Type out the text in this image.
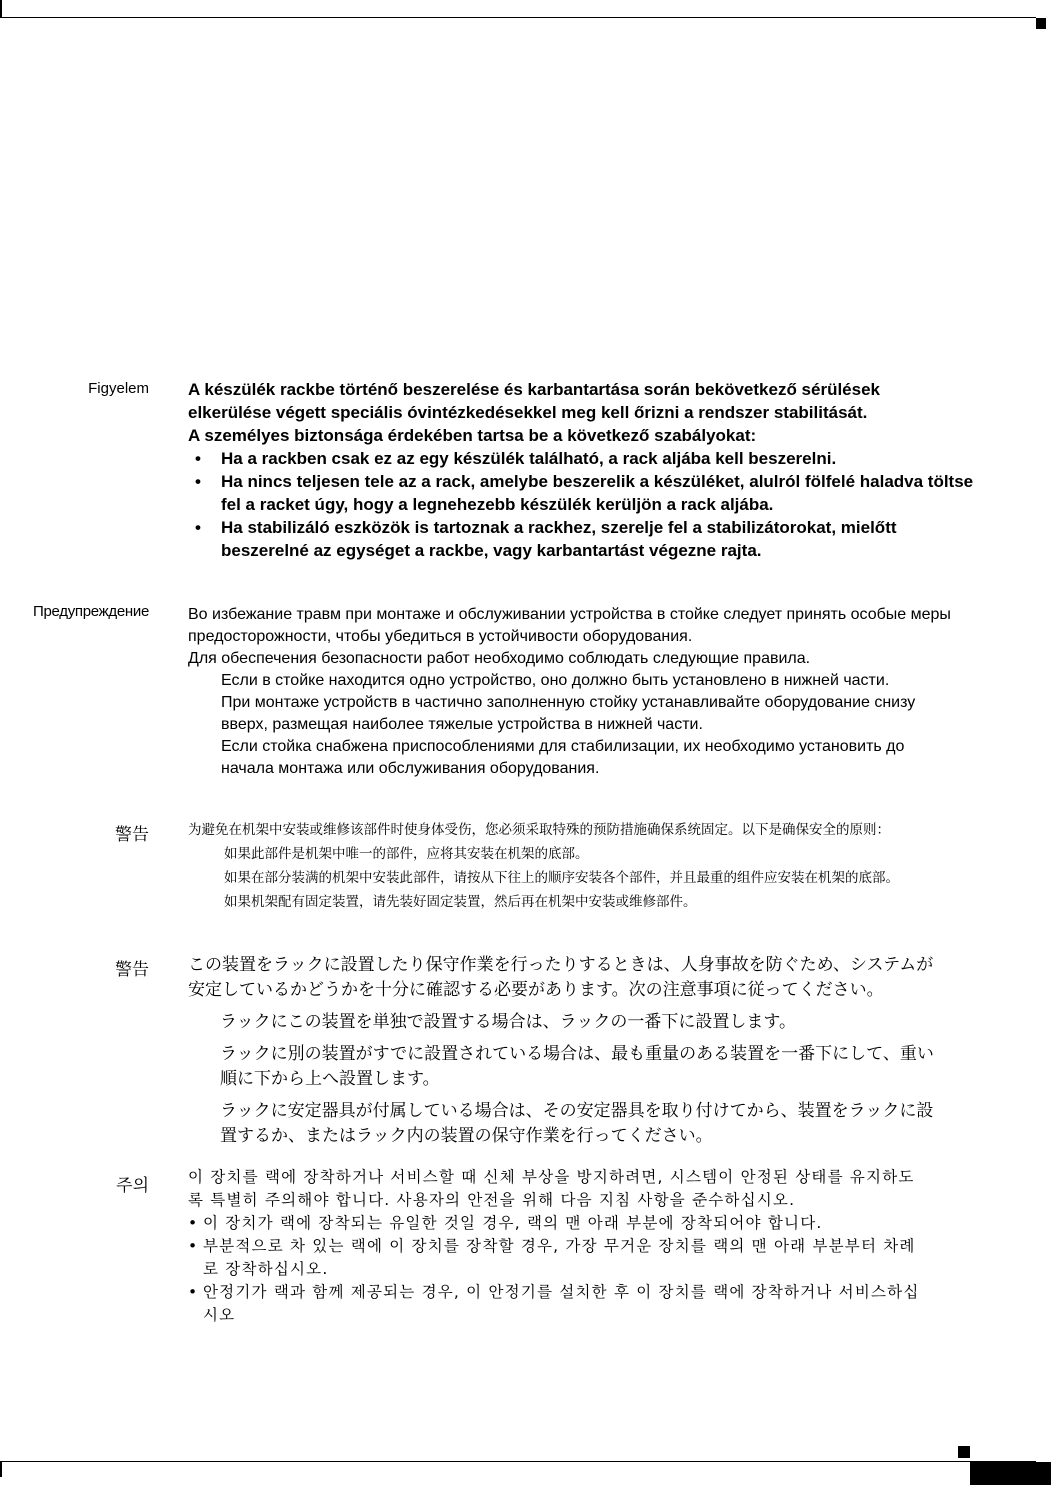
Figyelem A készülék rackbe történő beszerelése és karbantartása során bekövetkező sérülések

elkerülése végett speciális óvintézkedésekkel meg kell őrizni a rendszer stabilitását.

A személyes biztonsága érdekében tartsa be a következő szabályokat:

• Ha a rackben csak ez az egy készülék található, a rack aljába kell beszerelni.
• Ha nincs teljesen tele az a rack, amelybe beszerelik a készüléket, alulról fölfelé haladva töltse fel a racket úgy, hogy a legnehezebb készülék kerüljön a rack aljába.
• Ha stabilizáló eszközök is tartoznak a rackhez, szerelje fel a stabilizátorokat, mielőtt beszerelné az egységet a rackbe, vagy karbantartást végezne rajta.
Предупреждение Во избежание травм при монтаже и обслуживании устройства в стойке следует принять особые меры

предосторожности, чтобы убедиться в устойчивости оборудования.

Для обеспечения безопасности работ необходимо соблюдать следующие правила.

Если в стойке находится одно устройство, оно должно быть установлено в нижней части.

При монтаже устройств в частично заполненную стойку устанавливайте оборудование снизу

вверх, размещая наиболее тяжелые устройства в нижней части.

Если стойка снабжена приспособлениями для стабилизации, их необходимо установить до

начала монтажа или обслуживания оборудования.

警告	为避免在机架中安装或维修该部件时使身体受伤，您必须采取特殊的预防措施确保系统固定。以下是确保安全的原则：

如果此部件是机架中唯一的部件，应将其安装在机架的底部。

如果在部分装满的机架中安装此部件，请按从下往上的顺序安装各个部件，并且最重的组件应安装在机架的底部。

如果机架配有固定装置，请先装好固定装置，然后再在机架中安装或维修部件。

警告 この装置をラックに設置したり保守作業を行ったりするときは、人身事故を防ぐため、システムが

安定しているかどうかを十分に確認する必要があります。次の注意事項に従ってください。

ラックにこの装置を単独で設置する場合は、ラックの一番下に設置します。

ラックに別の装置がすでに設置されている場合は、最も重量のある装置を一番下にして、重い

順に下から上へ設置します。

ラックに安定器具が付属している場合は、その安定器具を取り付けてから、装置をラックに設

置するか、またはラック内の装置の保守作業を行ってください。

주의	이 장치를 랙에 장착하거나 서비스할 때 신체 부상을 방지하려면, 시스템이 안정된 상태를 유지하도

록 특별히 주의해야 합니다. 사용자의 안전을 위해 다음 지침 사항을 준수하십시오.

• 이 장치가 랙에 장착되는 유일한 것일 경우, 랙의 맨 아래 부분에 장착되어야 합니다.

• 부분적으로 차 있는 랙에 이 장치를 장착할 경우, 가장 무거운 장치를 랙의 맨 아래 부분부터 차례

로 장착하십시오.

• 안정기가 랙과 함께 제공되는 경우, 이 안정기를 설치한 후 이 장치를 랙에 장착하거나 서비스하십

시오
